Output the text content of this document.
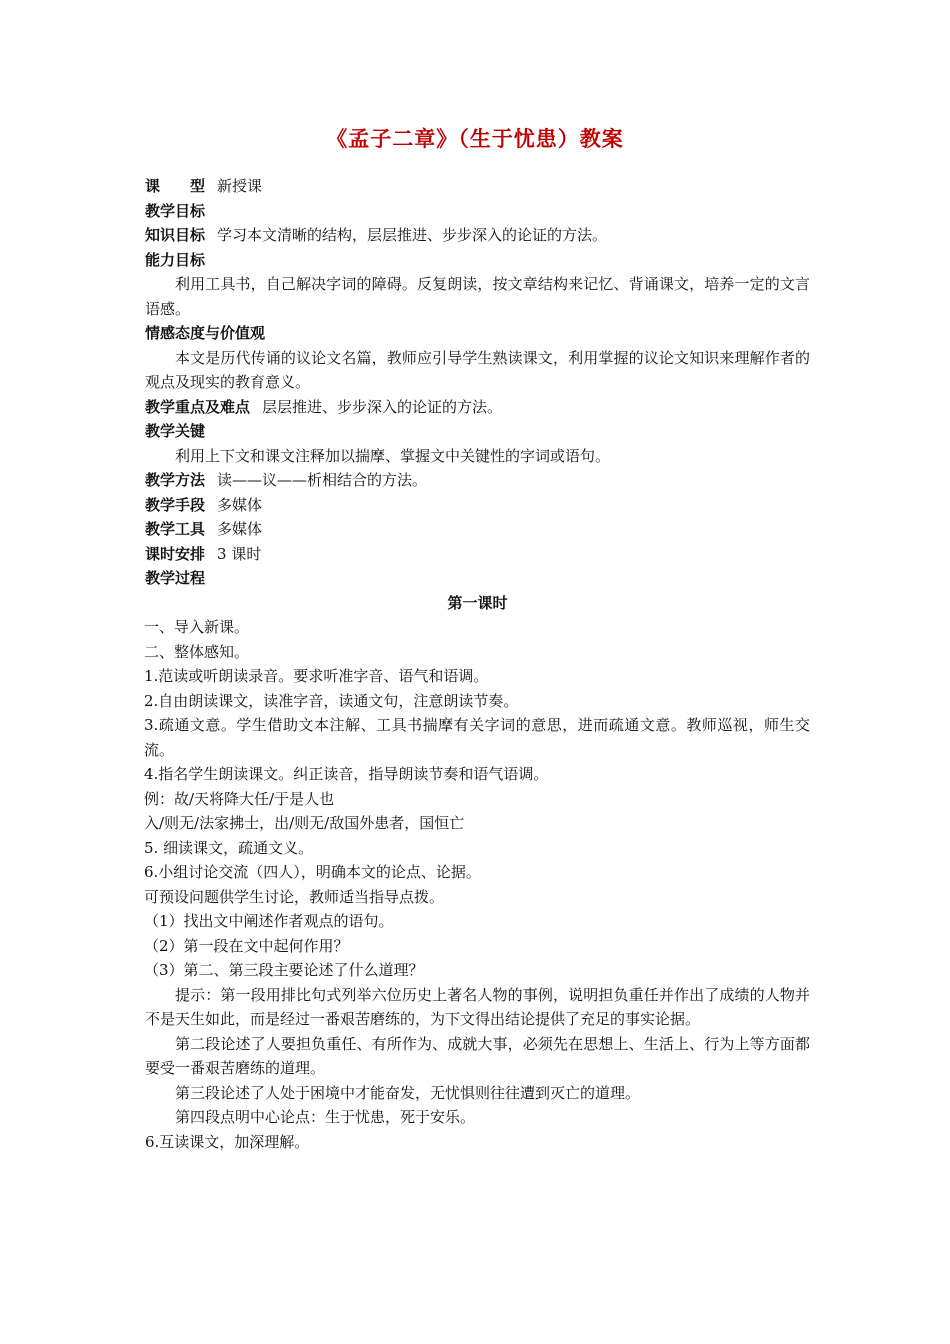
《孟子二章》（生于忧患）教案

课　　型 新授课

教学目标

知识目标 学习本文清晰的结构，层层推进、步步深入的论证的方法。

能力目标

利用工具书，自己解决字词的障碍。反复朗读，按文章结构来记忆、背诵课文，培养一定的文言语感。

情感态度与价值观

本文是历代传诵的议论文名篇，教师应引导学生熟读课文，利用掌握的议论文知识来理解作者的观点及现实的教育意义。

教学重点及难点 层层推进、步步深入的论证的方法。

教学关键

利用上下文和课文注释加以揣摩、掌握文中关键性的字词或语句。

教学方法 读——议——析相结合的方法。

教学手段 多媒体

教学工具 多媒体

课时安排 3 课时

教学过程

第一课时

一、导入新课。

二、整体感知。

1.范读或听朗读录音。要求听准字音、语气和语调。

2.自由朗读课文，读准字音，读通文句，注意朗读节奏。

3.疏通文意。学生借助文本注解、工具书揣摩有关字词的意思，进而疏通文意。教师巡视，师生交流。

4.指名学生朗读课文。纠正读音，指导朗读节奏和语气语调。

例：故/天将降大任/于是人也

入/则无/法家拂士，出/则无/敌国外患者，国恒亡

5. 细读课文，疏通文义。

6.小组讨论交流（四人），明确本文的论点、论据。

可预设问题供学生讨论，教师适当指导点拨。

（1）找出文中阐述作者观点的语句。

（2）第一段在文中起何作用？

（3）第二、第三段主要论述了什么道理？

提示：第一段用排比句式列举六位历史上著名人物的事例，说明担负重任并作出了成绩的人物并不是天生如此，而是经过一番艰苦磨练的，为下文得出结论提供了充足的事实论据。

第二段论述了人要担负重任、有所作为、成就大事，必须先在思想上、生活上、行为上等方面都要受一番艰苦磨练的道理。

第三段论述了人处于困境中才能奋发，无忧惧则往往遭到灭亡的道理。

第四段点明中心论点：生于忧患，死于安乐。

6.互读课文，加深理解。
